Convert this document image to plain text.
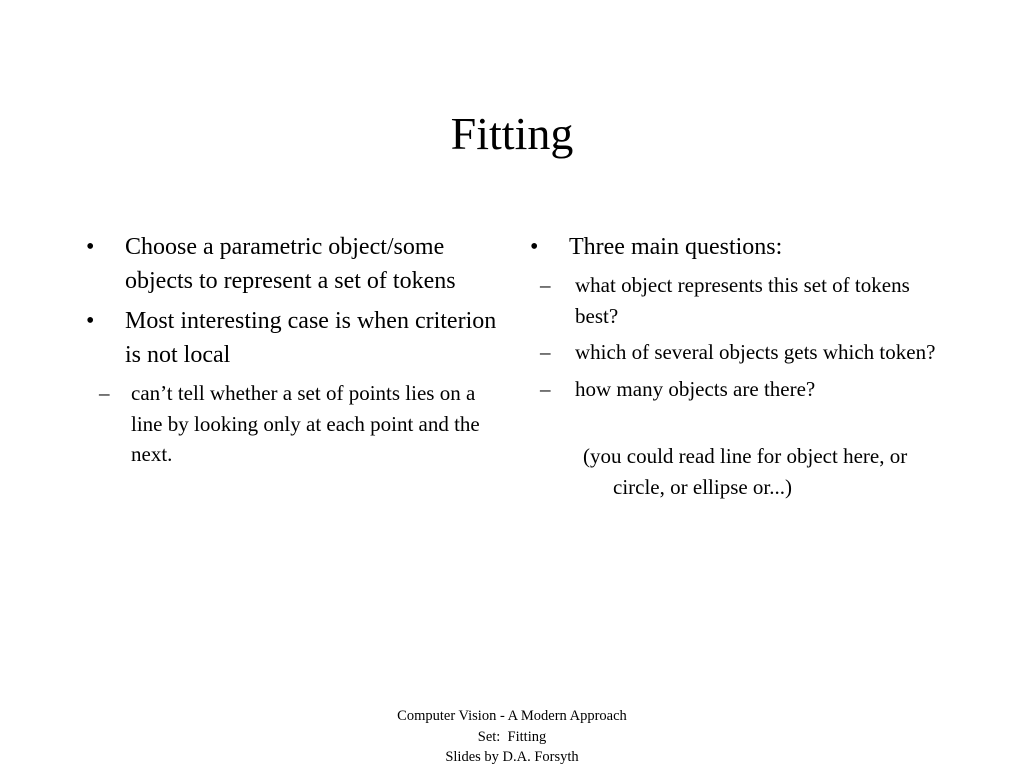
Fitting
•	Choose a parametric object/some objects to represent a set of tokens
•	Most interesting case is when criterion is not local
– can’t tell whether a set of points lies on a line by looking only at each point and the next.
•	Three main questions:
– what object represents this set of tokens best?
– which of several objects gets which token?
– how many objects are there?
(you could read line for object here, or circle, or ellipse or...)
Computer Vision - A Modern Approach
Set:  Fitting
Slides by D.A. Forsyth
